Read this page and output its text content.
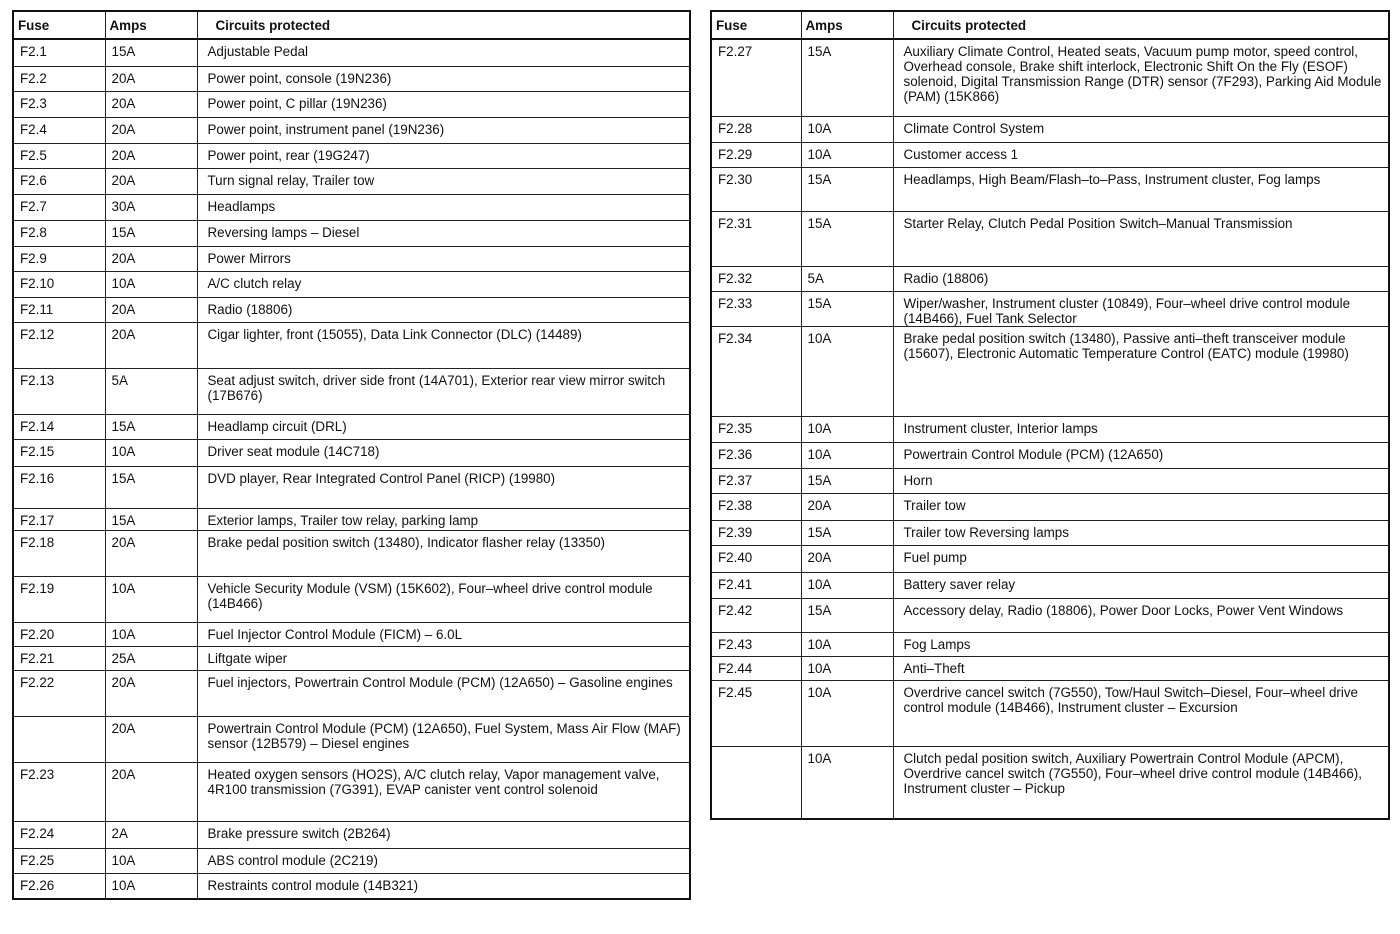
Fuse	Amps	Circuits protected
F2.1	15A	Adjustable Pedal
F2.2	20A	Power point, console (19N236)
F2.3	20A	Power point, C pillar (19N236)
F2.4	20A	Power point, instrument panel (19N236)
F2.5	20A	Power point, rear (19G247)
F2.6	20A	Turn signal relay, Trailer tow
F2.7	30A	Headlamps
F2.8	15A	Reversing lamps – Diesel
F2.9	20A	Power Mirrors
F2.10	10A	A/C clutch relay
F2.11	20A	Radio (18806)
F2.12	20A	Cigar lighter, front (15055), Data Link Connector (DLC) (14489)
F2.13	5A	Seat adjust switch, driver side front (14A701), Exterior rear view mirror switch (17B676)
F2.14	15A	Headlamp circuit (DRL)
F2.15	10A	Driver seat module (14C718)
F2.16	15A	DVD player, Rear Integrated Control Panel (RICP) (19980)
F2.17	15A	Exterior lamps, Trailer tow relay, parking lamp
F2.18	20A	Brake pedal position switch (13480), Indicator flasher relay (13350)
F2.19	10A	Vehicle Security Module (VSM) (15K602), Four–wheel drive control module (14B466)
F2.20	10A	Fuel Injector Control Module (FICM) – 6.0L
F2.21	25A	Liftgate wiper
F2.22	20A	Fuel injectors, Powertrain Control Module (PCM) (12A650) – Gasoline engines
	20A	Powertrain Control Module (PCM) (12A650), Fuel System, Mass Air Flow (MAF) sensor (12B579) – Diesel engines
F2.23	20A	Heated oxygen sensors (HO2S), A/C clutch relay, Vapor management valve, 4R100 transmission (7G391), EVAP canister vent control solenoid
F2.24	2A	Brake pressure switch (2B264)
F2.25	10A	ABS control module (2C219)
F2.26	10A	Restraints control module (14B321)
Fuse	Amps	Circuits protected
F2.27	15A	Auxiliary Climate Control, Heated seats, Vacuum pump motor, speed control, Overhead console, Brake shift interlock, Electronic Shift On the Fly (ESOF) solenoid, Digital Transmission Range (DTR) sensor (7F293), Parking Aid Module (PAM) (15K866)
F2.28	10A	Climate Control System
F2.29	10A	Customer access 1
F2.30	15A	Headlamps, High Beam/Flash–to–Pass, Instrument cluster, Fog lamps
F2.31	15A	Starter Relay, Clutch Pedal Position Switch–Manual Transmission
F2.32	5A	Radio (18806)
F2.33	15A	Wiper/washer, Instrument cluster (10849), Four–wheel drive control module (14B466), Fuel Tank Selector
F2.34	10A	Brake pedal position switch (13480), Passive anti–theft transceiver module (15607), Electronic Automatic Temperature Control (EATC) module (19980)
F2.35	10A	Instrument cluster, Interior lamps
F2.36	10A	Powertrain Control Module (PCM) (12A650)
F2.37	15A	Horn
F2.38	20A	Trailer tow
F2.39	15A	Trailer tow Reversing lamps
F2.40	20A	Fuel pump
F2.41	10A	Battery saver relay
F2.42	15A	Accessory delay, Radio (18806), Power Door Locks, Power Vent Windows
F2.43	10A	Fog Lamps
F2.44	10A	Anti–Theft
F2.45	10A	Overdrive cancel switch (7G550), Tow/Haul Switch–Diesel, Four–wheel drive control module (14B466), Instrument cluster – Excursion
	10A	Clutch pedal position switch, Auxiliary Powertrain Control Module (APCM), Overdrive cancel switch (7G550), Four–wheel drive control module (14B466), Instrument cluster – Pickup
